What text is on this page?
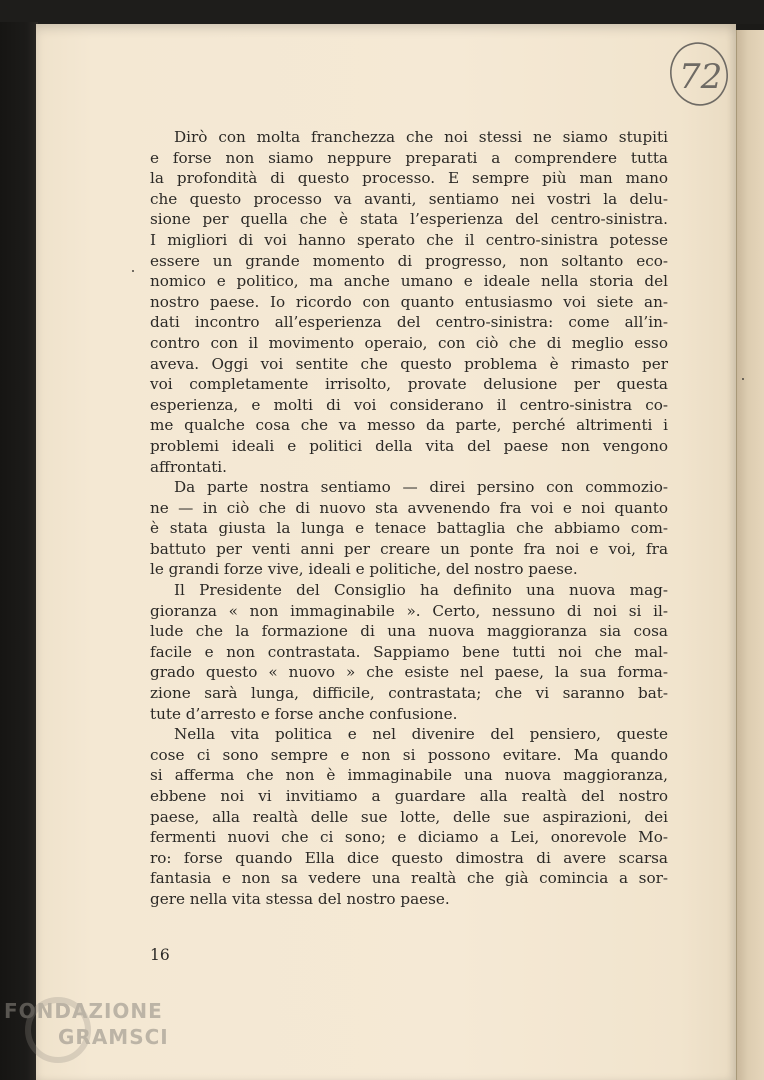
72
Dirò con molta franchezza che noi stessi ne siamo stupiti
e forse non siamo neppure preparati a comprendere tutta
la profondità di questo processo. E sempre più man mano
che questo processo va avanti, sentiamo nei vostri la delu-
sione per quella che è stata l’esperienza del centro-sinistra.
I migliori di voi hanno sperato che il centro-sinistra potesse
essere un grande momento di progresso, non soltanto eco-
nomico e politico, ma anche umano e ideale nella storia del
nostro paese. Io ricordo con quanto entusiasmo voi siete an-
dati incontro all’esperienza del centro-sinistra: come all’in-
contro con il movimento operaio, con ciò che di meglio esso
aveva. Oggi voi sentite che questo problema è rimasto per
voi completamente irrisolto, provate delusione per questa
esperienza, e molti di voi considerano il centro-sinistra co-
me qualche cosa che va messo da parte, perché altrimenti i
problemi ideali e politici della vita del paese non vengono
affrontati.
Da parte nostra sentiamo — direi persino con commozio-
ne — in ciò che di nuovo sta avvenendo fra voi e noi quanto
è stata giusta la lunga e tenace battaglia che abbiamo com-
battuto per venti anni per creare un ponte fra noi e voi, fra
le grandi forze vive, ideali e politiche, del nostro paese.
Il Presidente del Consiglio ha definito una nuova mag-
gioranza « non immaginabile ». Certo, nessuno di noi si il-
lude che la formazione di una nuova maggioranza sia cosa
facile e non contrastata. Sappiamo bene tutti noi che mal-
grado questo « nuovo » che esiste nel paese, la sua forma-
zione sarà lunga, difficile, contrastata; che vi saranno bat-
tute d’arresto e forse anche confusione.
Nella vita politica e nel divenire del pensiero, queste
cose ci sono sempre e non si possono evitare. Ma quando
si afferma che non è immaginabile una nuova maggioranza,
ebbene noi vi invitiamo a guardare alla realtà del nostro
paese, alla realtà delle sue lotte, delle sue aspirazioni, dei
fermenti nuovi che ci sono; e diciamo a Lei, onorevole Mo-
ro: forse quando Ella dice questo dimostra di avere scarsa
fantasia e non sa vedere una realtà che già comincia a sor-
gere nella vita stessa del nostro paese.
16
FONDAZIONE
GRAMSCI
